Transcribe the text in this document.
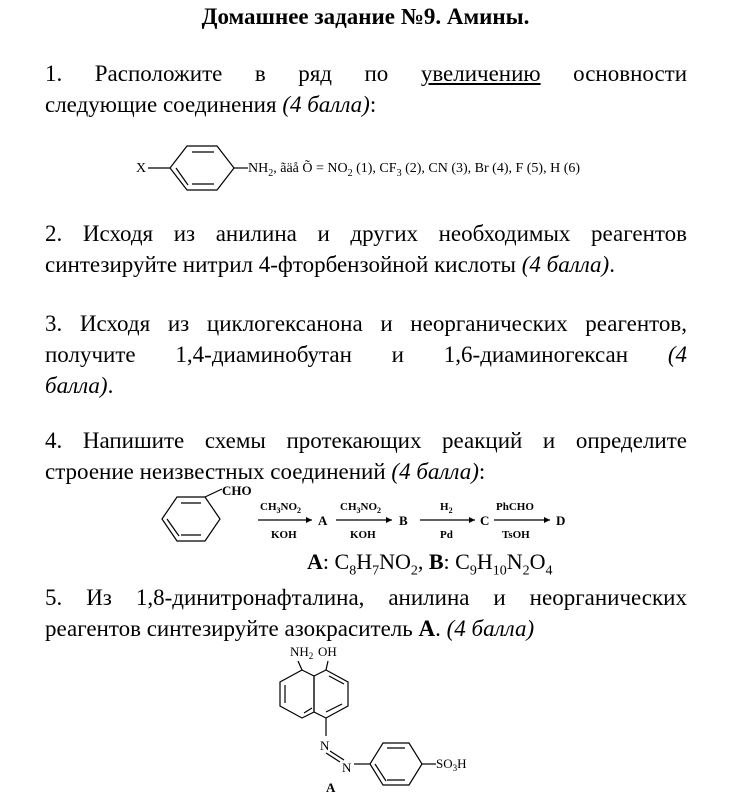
Домашнее задание №9. Амины.
1. Расположите в ряд по увеличению основности
следующие соединения (4 балла):
X	$NH_2$, ãäå Õ = $NO_2$ (1), $CF_3$ (2), CN (3), Br (4), F (5), H (6)
2. Исходя из анилина и других необходимых реагентов
синтезируйте нитрил 4-фторбензойной кислоты (4 балла).
3. Исходя из циклогексанона и неорганических реагентов,
получите 1,4-диаминобутан и 1,6-диаминогексан (4
балла).
4. Напишите схемы протекающих реакций и определите
строение неизвестных соединений (4 балла):
CHO
$CH_3NO_2$
KOH
A
$CH_3NO_2$
KOH
B
$H_2$
Pd
C
PhCHO
TsOH
D
A: $C_8H_7NO_2$, B: $C_9H_{10}N_2O_4$
5. Из 1,8-динитронафталина, анилина и неорганических
реагентов синтезируйте азокраситель A. (4 балла)
$NH_2$ OH
N
N	$SO_3H$
A
